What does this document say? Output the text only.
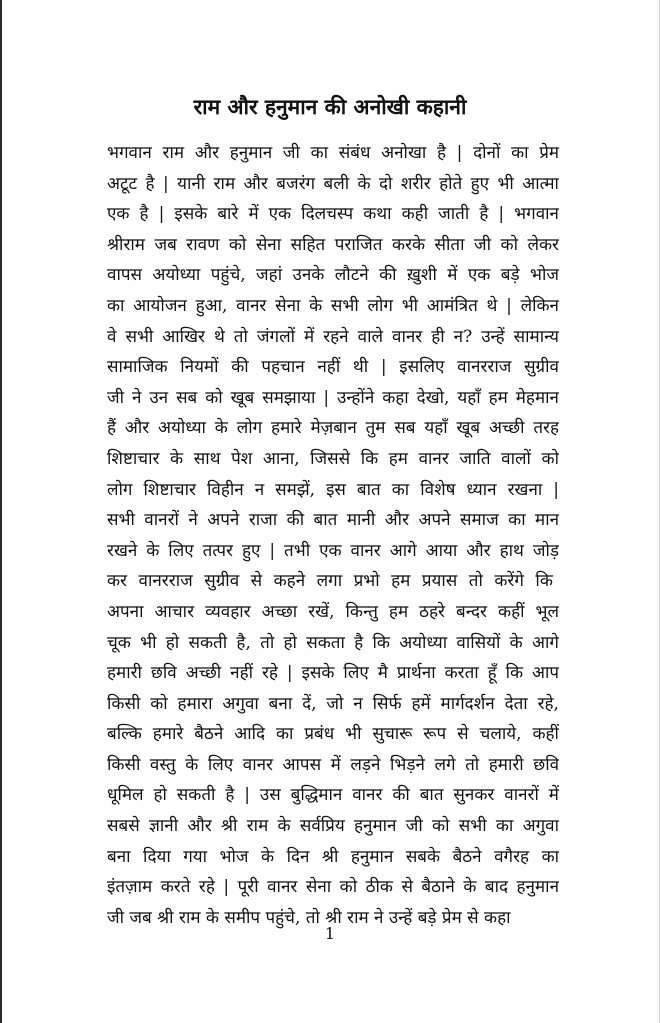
राम और हनुमान की अनोखी कहानी
भगवान राम और हनुमान जी का संबंध अनोखा है | दोनों का प्रेम
अटूट है | यानी राम और बजरंग बली के दो शरीर होते हुए भी आत्मा
एक है | इसके बारे में एक दिलचस्प कथा कही जाती है | भगवान
श्रीराम जब रावण को सेना सहित पराजित करके सीता जी को लेकर
वापस अयोध्या पहुंचे, जहां उनके लौटने की ख़ुशी में एक बड़े भोज
का आयोजन हुआ, वानर सेना के सभी लोग भी आमंत्रित थे | लेकिन
वे सभी आखिर थे तो जंगलों में रहने वाले वानर ही न? उन्हें सामान्य
सामाजिक नियमों की पहचान नहीं थी | इसलिए वानरराज सुग्रीव
जी ने उन सब को खूब समझाया | उन्होंने कहा देखो, यहाँ हम मेहमान
हैं और अयोध्या के लोग हमारे मेज़बान तुम सब यहाँ खूब अच्छी तरह
शिष्टाचार के साथ पेश आना, जिससे कि हम वानर जाति वालों को
लोग शिष्टाचार विहीन न समझें, इस बात का विशेष ध्यान रखना |
सभी वानरों ने अपने राजा की बात मानी और अपने समाज का मान
रखने के लिए तत्पर हुए | तभी एक वानर आगे आया और हाथ जोड़
कर वानरराज सुग्रीव से कहने लगा प्रभो हम प्रयास तो करेंगे कि
अपना आचार व्यवहार अच्छा रखें, किन्तु हम ठहरे बन्दर कहीं भूल
चूक भी हो सकती है, तो हो सकता है कि अयोध्या वासियों के आगे
हमारी छवि अच्छी नहीं रहे | इसके लिए मै प्रार्थना करता हूँ कि आप
किसी को हमारा अगुवा बना दें, जो न सिर्फ हमें मार्गदर्शन देता रहे,
बल्कि हमारे बैठने आदि का प्रबंध भी सुचारू रूप से चलाये, कहीं
किसी वस्तु के लिए वानर आपस में लड़ने भिड़ने लगे तो हमारी छवि
धूमिल हो सकती है | उस बुद्धिमान वानर की बात सुनकर वानरों में
सबसे ज्ञानी और श्री राम के सर्वप्रिय हनुमान जी को सभी का अगुवा
बना दिया गया भोज के दिन श्री हनुमान सबके बैठने वगैरह का
इंतज़ाम करते रहे | पूरी वानर सेना को ठीक से बैठाने के बाद हनुमान
जी जब श्री राम के समीप पहुंचे, तो श्री राम ने उन्हें बड़े प्रेम से कहा
1
